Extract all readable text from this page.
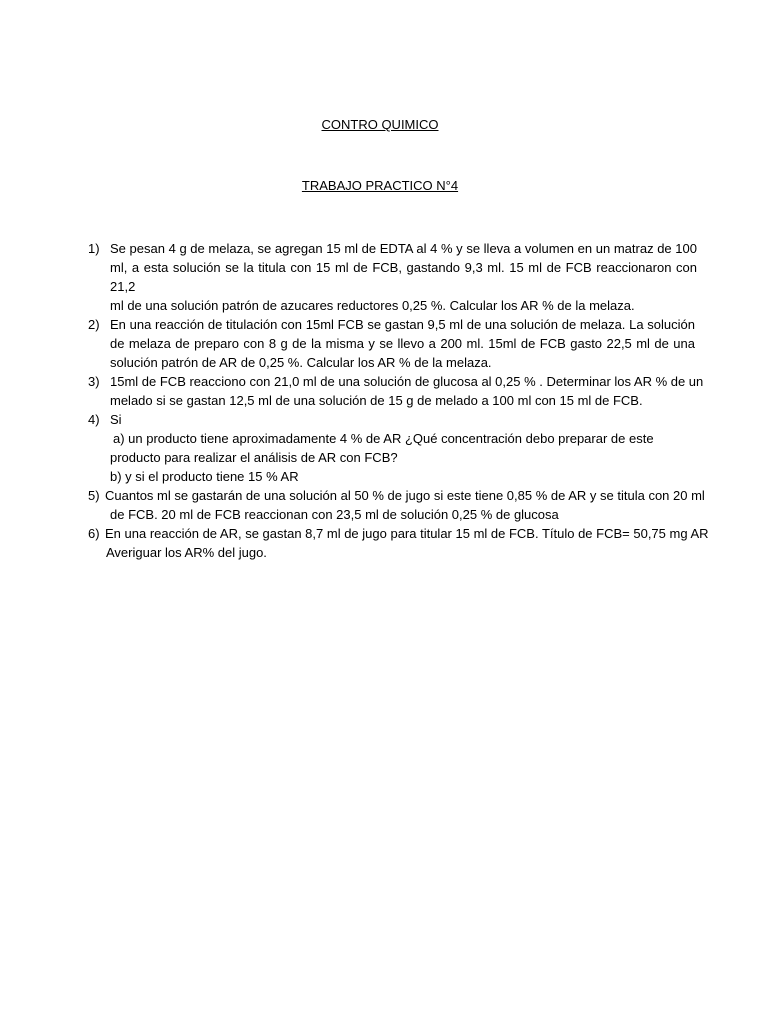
CONTRO QUIMICO
TRABAJO PRACTICO N°4
1) Se pesan 4 g de melaza, se agregan 15 ml de EDTA al 4 % y se lleva a volumen en un matraz de 100
ml, a esta solución se la titula con 15 ml de FCB, gastando 9,3 ml. 15 ml de FCB reaccionaron con 21,2
ml de una solución patrón de azucares reductores 0,25 %. Calcular los AR % de la melaza.
2) En una reacción de titulación con 15ml FCB se gastan 9,5 ml de una solución de melaza. La solución
de melaza de preparo con 8 g de la misma y se llevo a 200 ml. 15ml de FCB gasto 22,5 ml de una
solución patrón de AR de 0,25 %. Calcular los AR % de la melaza.
3) 15ml de FCB reacciono con 21,0 ml de una solución de glucosa al 0,25 % . Determinar los AR % de un
melado si se gastan 12,5 ml de una solución de 15 g de melado a 100 ml con 15 ml de FCB.
4) Si
a) un producto tiene aproximadamente 4 % de AR ¿Qué concentración debo preparar de este
producto para realizar el análisis de AR con FCB?
b) y si el producto tiene 15 % AR
5) Cuantos ml se gastarán de una solución al 50 % de jugo si este tiene 0,85 % de AR y se titula con 20 ml
de FCB. 20 ml de FCB reaccionan con 23,5 ml de solución 0,25 % de glucosa
6) En una reacción de AR, se gastan 8,7 ml de jugo para titular 15 ml de FCB. Título de FCB= 50,75 mg AR
Averiguar los AR% del jugo.
